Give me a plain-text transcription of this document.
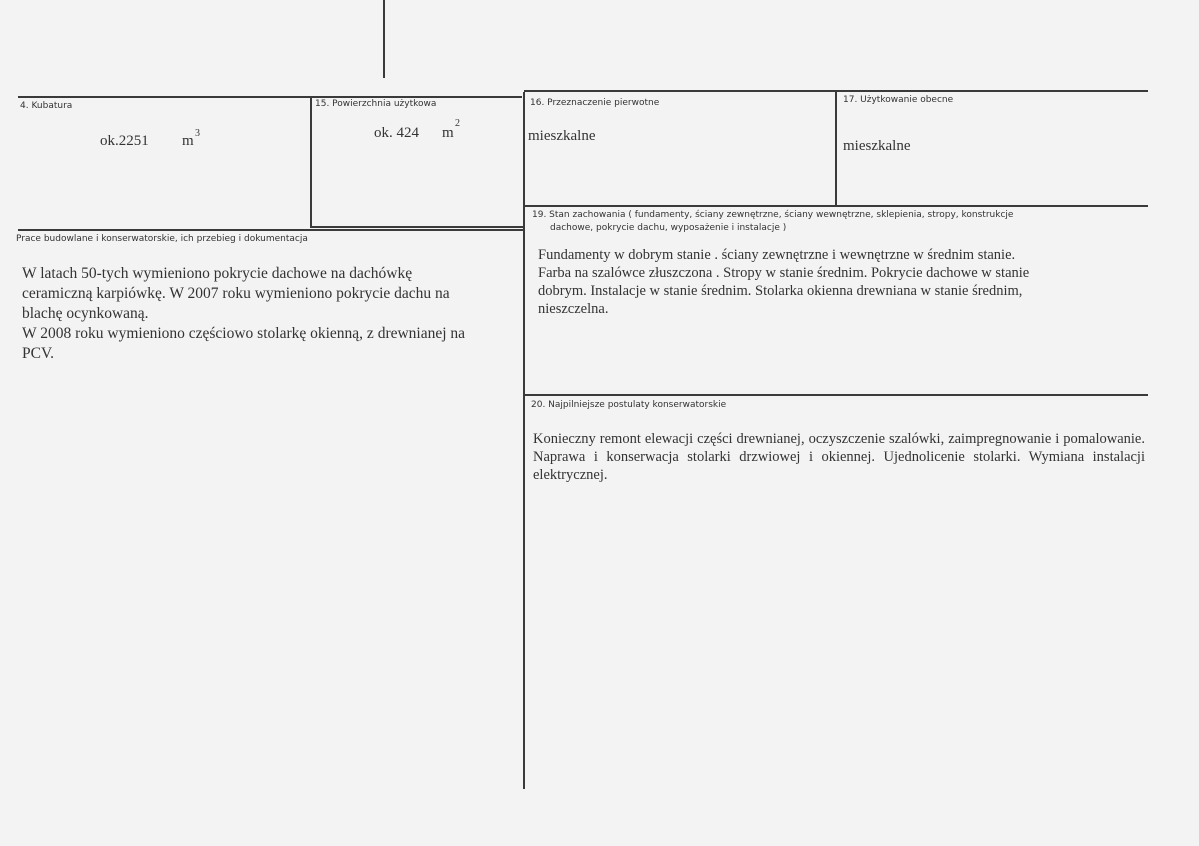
4. Kubatura
ok.2251 m 3
15. Powierzchnia użytkowa
ok. 424 m
2
16. Przeznaczenie pierwotne
mieszkalne
17. Użytkowanie obecne
mieszkalne
Prace budowlane i konserwatorskie, ich przebieg i dokumentacja
W latach 50-tych wymieniono pokrycie dachowe na dachówkę
ceramiczną karpiówkę. W 2007 roku wymieniono pokrycie dachu na
blachę ocynkowaną.
W 2008 roku wymieniono częściowo stolarkę okienną, z drewnianej na
PCV.
19. Stan zachowania ( fundamenty, ściany zewnętrzne, ściany wewnętrzne, sklepienia, stropy, konstrukcje
dachowe, pokrycie dachu, wyposażenie i instalacje )
Fundamenty w dobrym stanie . ściany zewnętrzne i wewnętrzne w średnim stanie.
Farba na szalówce złuszczona . Stropy w stanie średnim. Pokrycie dachowe w stanie
dobrym. Instalacje w stanie średnim. Stolarka okienna drewniana w stanie średnim,
nieszczelna.
20. Najpilniejsze postulaty konserwatorskie
Konieczny remont elewacji części drewnianej, oczyszczenie szalówki, zaimpregnowanie i pomalowanie. Naprawa i konserwacja stolarki drzwiowej i okiennej. Ujednolicenie stolarki. Wymiana instalacji elektrycznej.
